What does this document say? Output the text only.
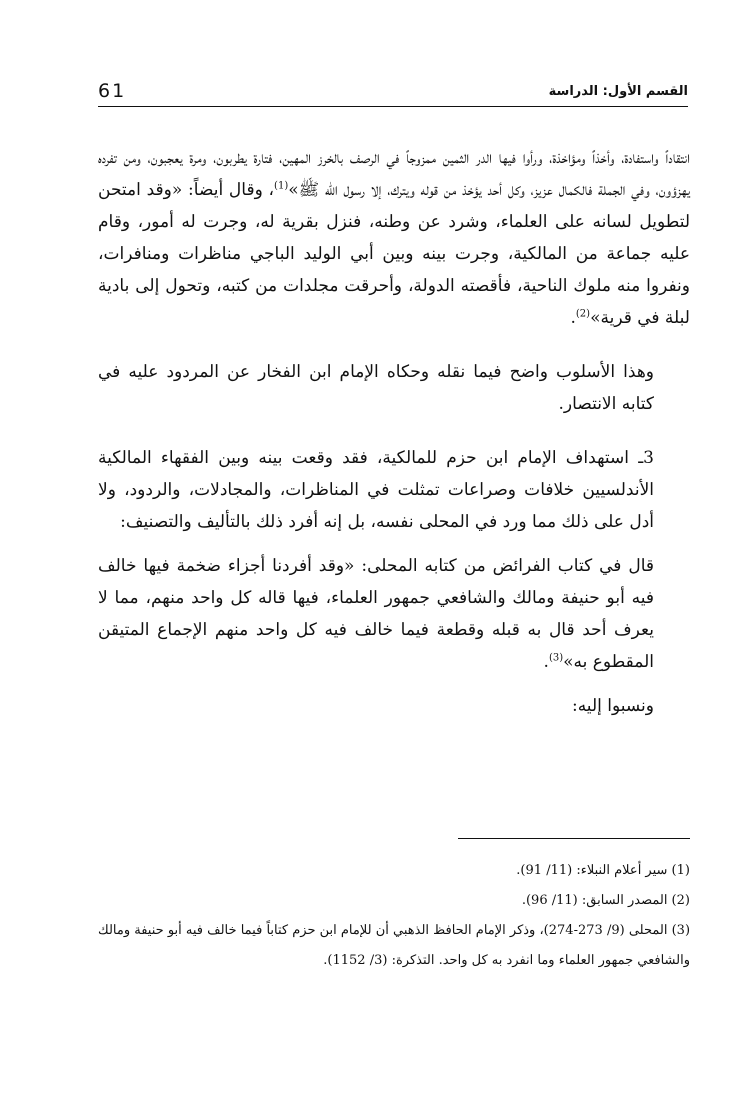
61	القسم الأول: الدراسة

انتقاداً واستفادة، وأخذاً ومؤاخذة، ورأوا فيها الدر الثمين ممزوجاً في الرصف بالخرز المهين، فتارة يطربون، ومرة يعجبون، ومن تفرده يهزؤون، وفي الجملة فالكمال عزيز، وكل أحد يؤخذ من قوله ويترك، إلا رسول الله ﷺ»$^{(1)}$، وقال أيضاً: «وقد امتحن لتطويل لسانه على العلماء، وشرد عن وطنه، فنزل بقرية له، وجرت له أمور، وقام عليه جماعة من المالكية، وجرت بينه وبين أبي الوليد الباجي مناظرات ومنافرات، ونفروا منه ملوك الناحية، فأقصته الدولة، وأحرقت مجلدات من كتبه، وتحول إلى بادية لبلة في قرية»$^{(2)}$.

وهذا الأسلوب واضح فيما نقله وحكاه الإمام ابن الفخار عن المردود عليه في كتابه الانتصار.

3ـ استهداف الإمام ابن حزم للمالكية، فقد وقعت بينه وبين الفقهاء المالكية الأندلسيين خلافات وصراعات تمثلت في المناظرات، والمجادلات، والردود، ولا أدل على ذلك مما ورد في المحلى نفسه، بل إنه أفرد ذلك بالتأليف والتصنيف:

قال في كتاب الفرائض من كتابه المحلى: «وقد أفردنا أجزاء ضخمة فيها خالف فيه أبو حنيفة ومالك والشافعي جمهور العلماء، فيها قاله كل واحد منهم، مما لا يعرف أحد قال به قبله وقطعة فيما خالف فيه كل واحد منهم الإجماع المتيقن المقطوع به»$^{(3)}$.

ونسبوا إليه:

(1) سير أعلام النبلاء: (11/ 91).

(2) المصدر السابق: (11/ 96).

(3) المحلى (9/ 273-274)، وذكر الإمام الحافظ الذهبي أن للإمام ابن حزم كتاباً فيما خالف فيه أبو حنيفة ومالك والشافعي جمهور العلماء وما انفرد به كل واحد. التذكرة: (3/ 1152).
